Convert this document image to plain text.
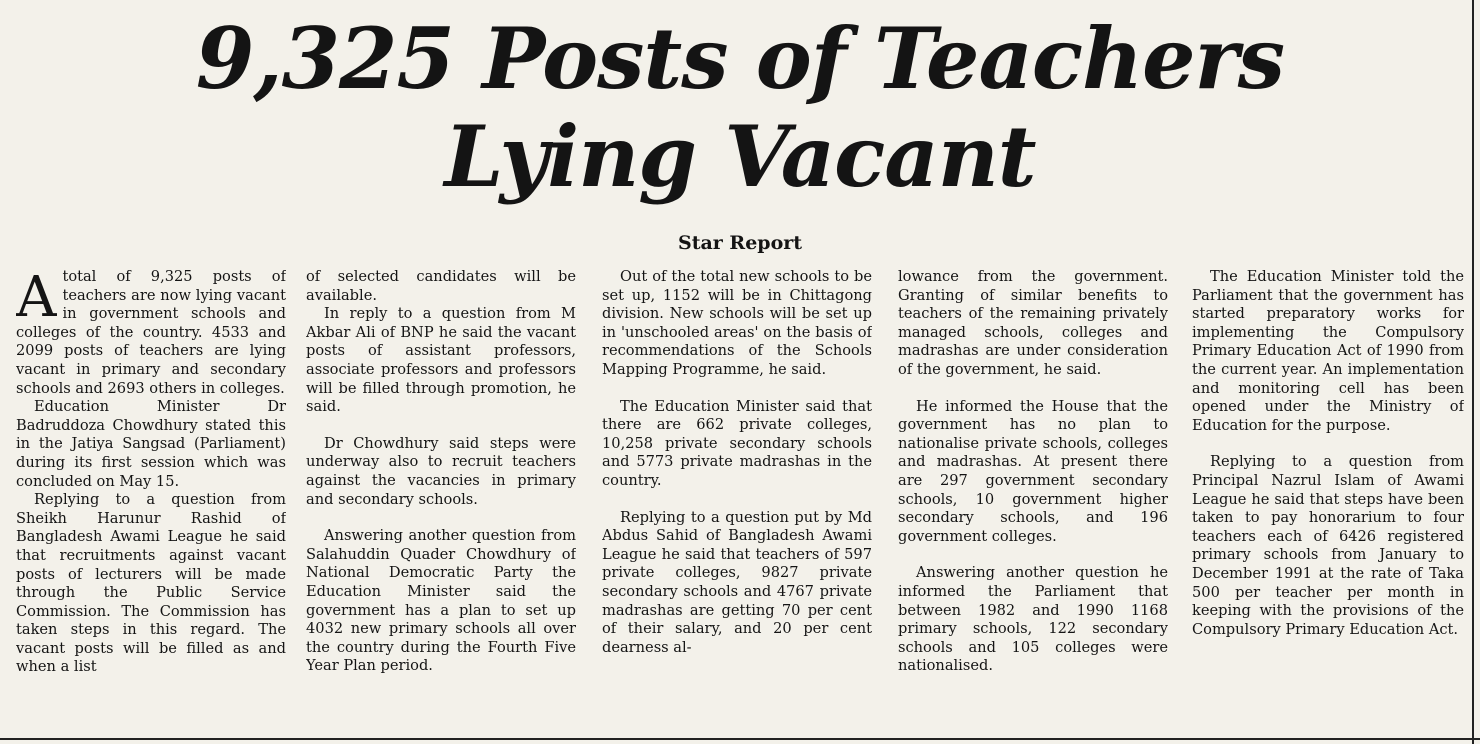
9,325 Posts of Teachers
Lying Vacant
Star Report

Atotal of 9,325 posts of teachers are now lying vacant in government schools and colleges of the country. 4533 and 2099 posts of teachers are lying vacant in primary and secondary schools and 2693 others in colleges.

Education Minister Dr Badruddoza Chowdhury stated this in the Jatiya Sangsad (Parliament) during its first session which was concluded on May 15.

Replying to a question from Sheikh Harunur Rashid of Bangladesh Awami League he said that recruitments against vacant posts of lecturers will be made through the Public Service Commission. The Commission has taken steps in this regard. The vacant posts will be filled as and when a list

of selected candidates will be available.

In reply to a question from M Akbar Ali of BNP he said the vacant posts of assistant professors, associate professors and professors will be filled through promotion, he said.

Dr Chowdhury said steps were underway also to recruit teachers against the vacancies in primary and secondary schools.

Answering another question from Salahuddin Quader Chowdhury of National Democratic Party the Education Minister said the government has a plan to set up 4032 new primary schools all over the country during the Fourth Five Year Plan period.

Out of the total new schools to be set up, 1152 will be in Chittagong division. New schools will be set up in 'unschooled areas' on the basis of recommendations of the Schools Mapping Programme, he said.

The Education Minister said that there are 662 private colleges, 10,258 private secondary schools and 5773 private madrashas in the country.

Replying to a question put by Md Abdus Sahid of Bangladesh Awami League he said that teachers of 597 private colleges, 9827 private secondary schools and 4767 private madrashas are getting 70 per cent of their salary, and 20 per cent dearness al-

lowance from the government. Granting of similar benefits to teachers of the remaining privately managed schools, colleges and madrashas are under consideration of the government, he said.

He informed the House that the government has no plan to nationalise private schools, colleges and madrashas. At present there are 297 government secondary schools, 10 government higher secondary schools, and 196 government colleges.

Answering another question he informed the Parliament that between 1982 and 1990 1168 primary schools, 122 secondary schools and 105 colleges were nationalised.

The Education Minister told the Parliament that the government has started preparatory works for implementing the Compulsory Primary Education Act of 1990 from the current year. An implementation and monitoring cell has been opened under the Ministry of Education for the purpose.

Replying to a question from Principal Nazrul Islam of Awami League he said that steps have been taken to pay honorarium to four teachers each of 6426 registered primary schools from January to December 1991 at the rate of Taka 500 per teacher per month in keeping with the provisions of the Compulsory Primary Education Act.
